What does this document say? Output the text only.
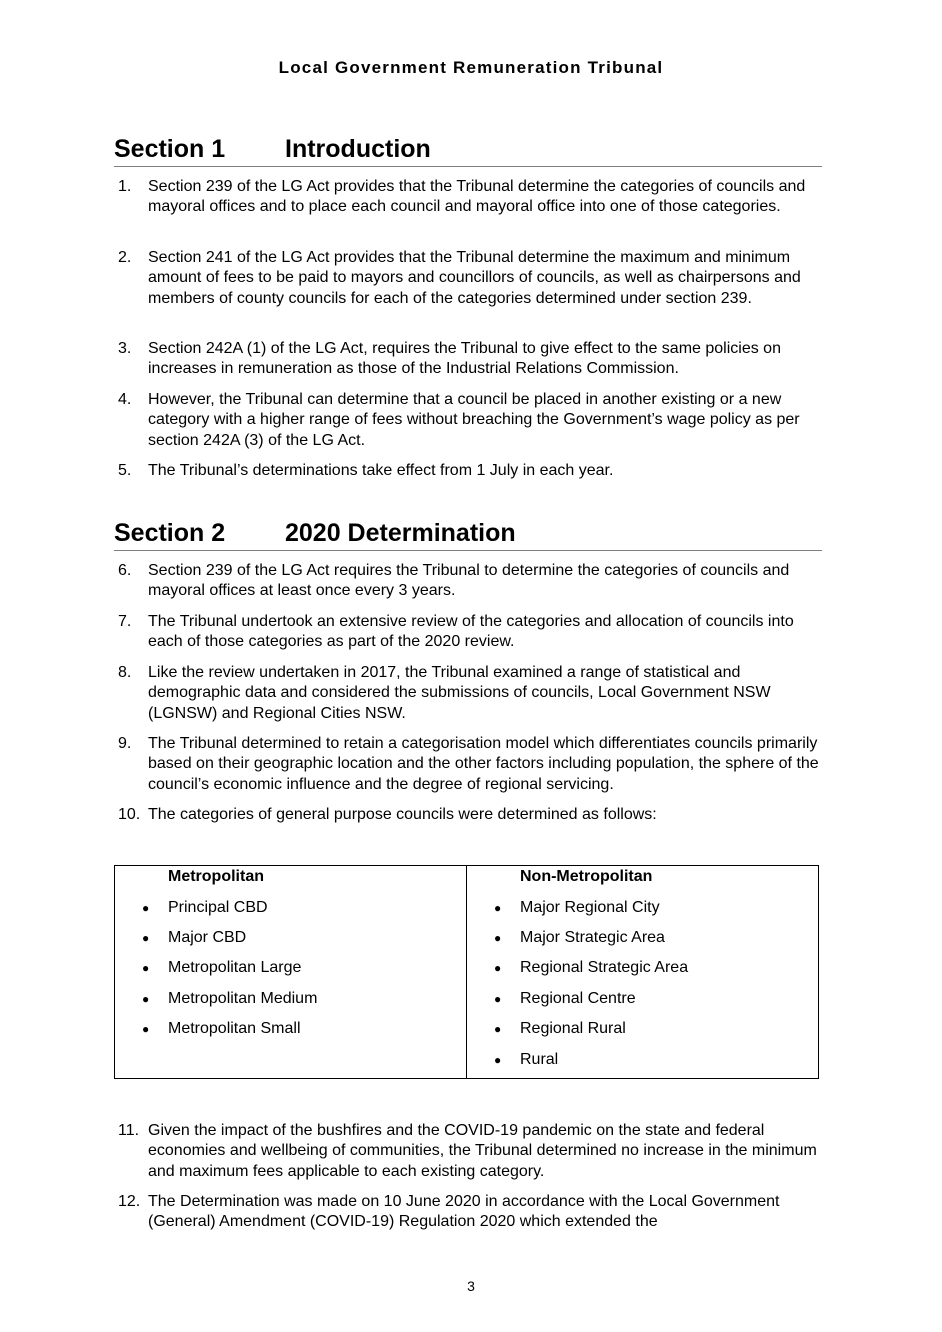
Local Government Remuneration Tribunal
Section 1 Introduction
1. Section 239 of the LG Act provides that the Tribunal determine the categories of councils and mayoral offices and to place each council and mayoral office into one of those categories.
2. Section 241 of the LG Act provides that the Tribunal determine the maximum and minimum amount of fees to be paid to mayors and councillors of councils, as well as chairpersons and members of county councils for each of the categories determined under section 239.
3. Section 242A (1) of the LG Act, requires the Tribunal to give effect to the same policies on increases in remuneration as those of the Industrial Relations Commission.
4. However, the Tribunal can determine that a council be placed in another existing or a new category with a higher range of fees without breaching the Government’s wage policy as per section 242A (3) of the LG Act.
5. The Tribunal’s determinations take effect from 1 July in each year.
Section 2 2020 Determination
6. Section 239 of the LG Act requires the Tribunal to determine the categories of councils and mayoral offices at least once every 3 years.
7. The Tribunal undertook an extensive review of the categories and allocation of councils into each of those categories as part of the 2020 review.
8. Like the review undertaken in 2017, the Tribunal examined a range of statistical and demographic data and considered the submissions of councils, Local Government NSW (LGNSW) and Regional Cities NSW.
9. The Tribunal determined to retain a categorisation model which differentiates councils primarily based on their geographic location and the other factors including population, the sphere of the council’s economic influence and the degree of regional servicing.
10. The categories of general purpose councils were determined as follows:
Metropolitan
● Principal CBD
● Major CBD
● Metropolitan Large
● Metropolitan Medium
● Metropolitan Small
Non-Metropolitan
● Major Regional City
● Major Strategic Area
● Regional Strategic Area
● Regional Centre
● Regional Rural
● Rural
11. Given the impact of the bushfires and the COVID-19 pandemic on the state and federal economies and wellbeing of communities, the Tribunal determined no increase in the minimum and maximum fees applicable to each existing category.
12. The Determination was made on 10 June 2020 in accordance with the Local Government (General) Amendment (COVID-19) Regulation 2020 which extended the
3
